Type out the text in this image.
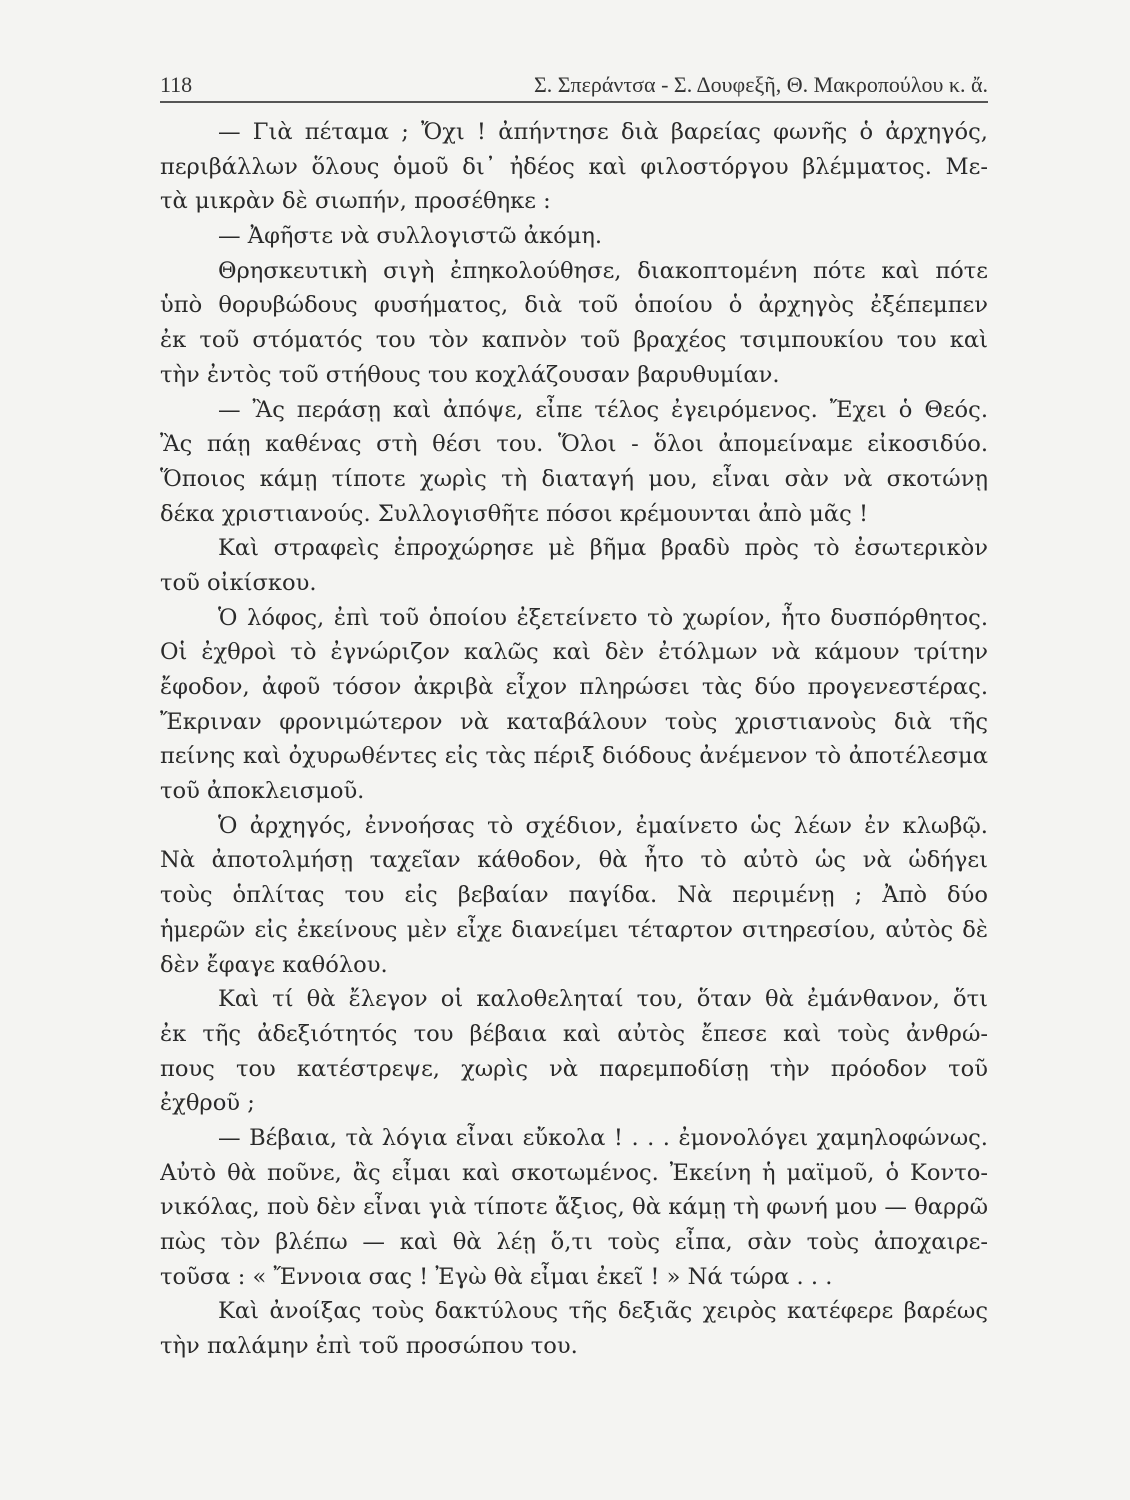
118	Σ. Σπεράντσα - Σ. Δουφεξῆ, Θ. Μακροπούλου κ. ἄ.
— Γιὰ πέταμα ; Ὄχι ! ἀπήντησε διὰ βαρείας φωνῆς ὁ ἀρχηγός,
περιβάλλων ὅλους ὁμοῦ δι᾽ ἠδέος καὶ φιλοστόργου βλέμματος. Με-
τὰ μικρὰν δὲ σιωπήν, προσέθηκε :
— Ἀφῆστε νὰ συλλογιστῶ ἀκόμη.
Θρησκευτικὴ σιγὴ ἐπηκολούθησε, διακοπτομένη πότε καὶ πότε
ὑπὸ θορυβώδους φυσήματος, διὰ τοῦ ὁποίου ὁ ἀρχηγὸς ἐξέπεμπεν
ἐκ τοῦ στόματός του τὸν καπνὸν τοῦ βραχέος τσιμπουκίου του καὶ
τὴν ἐντὸς τοῦ στήθους του κοχλάζουσαν βαρυθυμίαν.
— Ἂς περάσῃ καὶ ἀπόψε, εἶπε τέλος ἐγειρόμενος. Ἔχει ὁ Θεός.
Ἂς πάῃ καθένας στὴ θέσι του. Ὅλοι - ὅλοι ἀπομείναμε εἰκοσιδύο.
Ὅποιος κάμῃ τίποτε χωρὶς τὴ διαταγή μου, εἶναι σὰν νὰ σκοτώνῃ
δέκα χριστιανούς. Συλλογισθῆτε πόσοι κρέμουνται ἀπὸ μᾶς !
Καὶ στραφεὶς ἐπροχώρησε μὲ βῆμα βραδὺ πρὸς τὸ ἐσωτερικὸν
τοῦ οἰκίσκου.
Ὁ λόφος, ἐπὶ τοῦ ὁποίου ἐξετείνετο τὸ χωρίον, ἦτο δυσπόρθητος.
Οἱ ἐχθροὶ τὸ ἐγνώριζον καλῶς καὶ δὲν ἐτόλμων νὰ κάμουν τρίτην
ἔφοδον, ἀφοῦ τόσον ἀκριβὰ εἶχον πληρώσει τὰς δύο προγενεστέρας.
Ἔκριναν φρονιμώτερον νὰ καταβάλουν τοὺς χριστιανοὺς διὰ τῆς
πείνης καὶ ὀχυρωθέντες εἰς τὰς πέριξ διόδους ἀνέμενον τὸ ἀποτέλεσμα
τοῦ ἀποκλεισμοῦ.
Ὁ ἀρχηγός, ἐννοήσας τὸ σχέδιον, ἐμαίνετο ὡς λέων ἐν κλωβῷ.
Νὰ ἀποτολμήσῃ ταχεῖαν κάθοδον, θὰ ἦτο τὸ αὐτὸ ὡς νὰ ὡδήγει
τοὺς ὁπλίτας του εἰς βεβαίαν παγίδα. Νὰ περιμένῃ ; Ἀπὸ δύο
ἡμερῶν εἰς ἐκείνους μὲν εἶχε διανείμει τέταρτον σιτηρεσίου, αὐτὸς δὲ
δὲν ἔφαγε καθόλου.
Καὶ τί θὰ ἔλεγον οἱ καλοθεληταί του, ὅταν θὰ ἐμάνθανον, ὅτι
ἐκ τῆς ἀδεξιότητός του βέβαια καὶ αὐτὸς ἔπεσε καὶ τοὺς ἀνθρώ-
πους του κατέστρεψε, χωρὶς νὰ παρεμποδίσῃ τὴν πρόοδον τοῦ
ἐχθροῦ ;
— Βέβαια, τὰ λόγια εἶναι εὔκολα ! . . . ἐμονολόγει χαμηλοφώνως.
Αὐτὸ θὰ ποῦνε, ἂς εἶμαι καὶ σκοτωμένος. Ἐκείνη ἡ μαϊμοῦ, ὁ Κοντο-
νικόλας, ποὺ δὲν εἶναι γιὰ τίποτε ἄξιος, θὰ κάμῃ τὴ φωνή μου — θαρρῶ
πὼς τὸν βλέπω — καὶ θὰ λέῃ ὅ,τι τοὺς εἶπα, σὰν τοὺς ἀποχαιρε-
τοῦσα : « Ἔννοια σας ! Ἐγὼ θὰ εἶμαι ἐκεῖ ! » Νά τώρα . . .
Καὶ ἀνοίξας τοὺς δακτύλους τῆς δεξιᾶς χειρὸς κατέφερε βαρέως
τὴν παλάμην ἐπὶ τοῦ προσώπου του.
